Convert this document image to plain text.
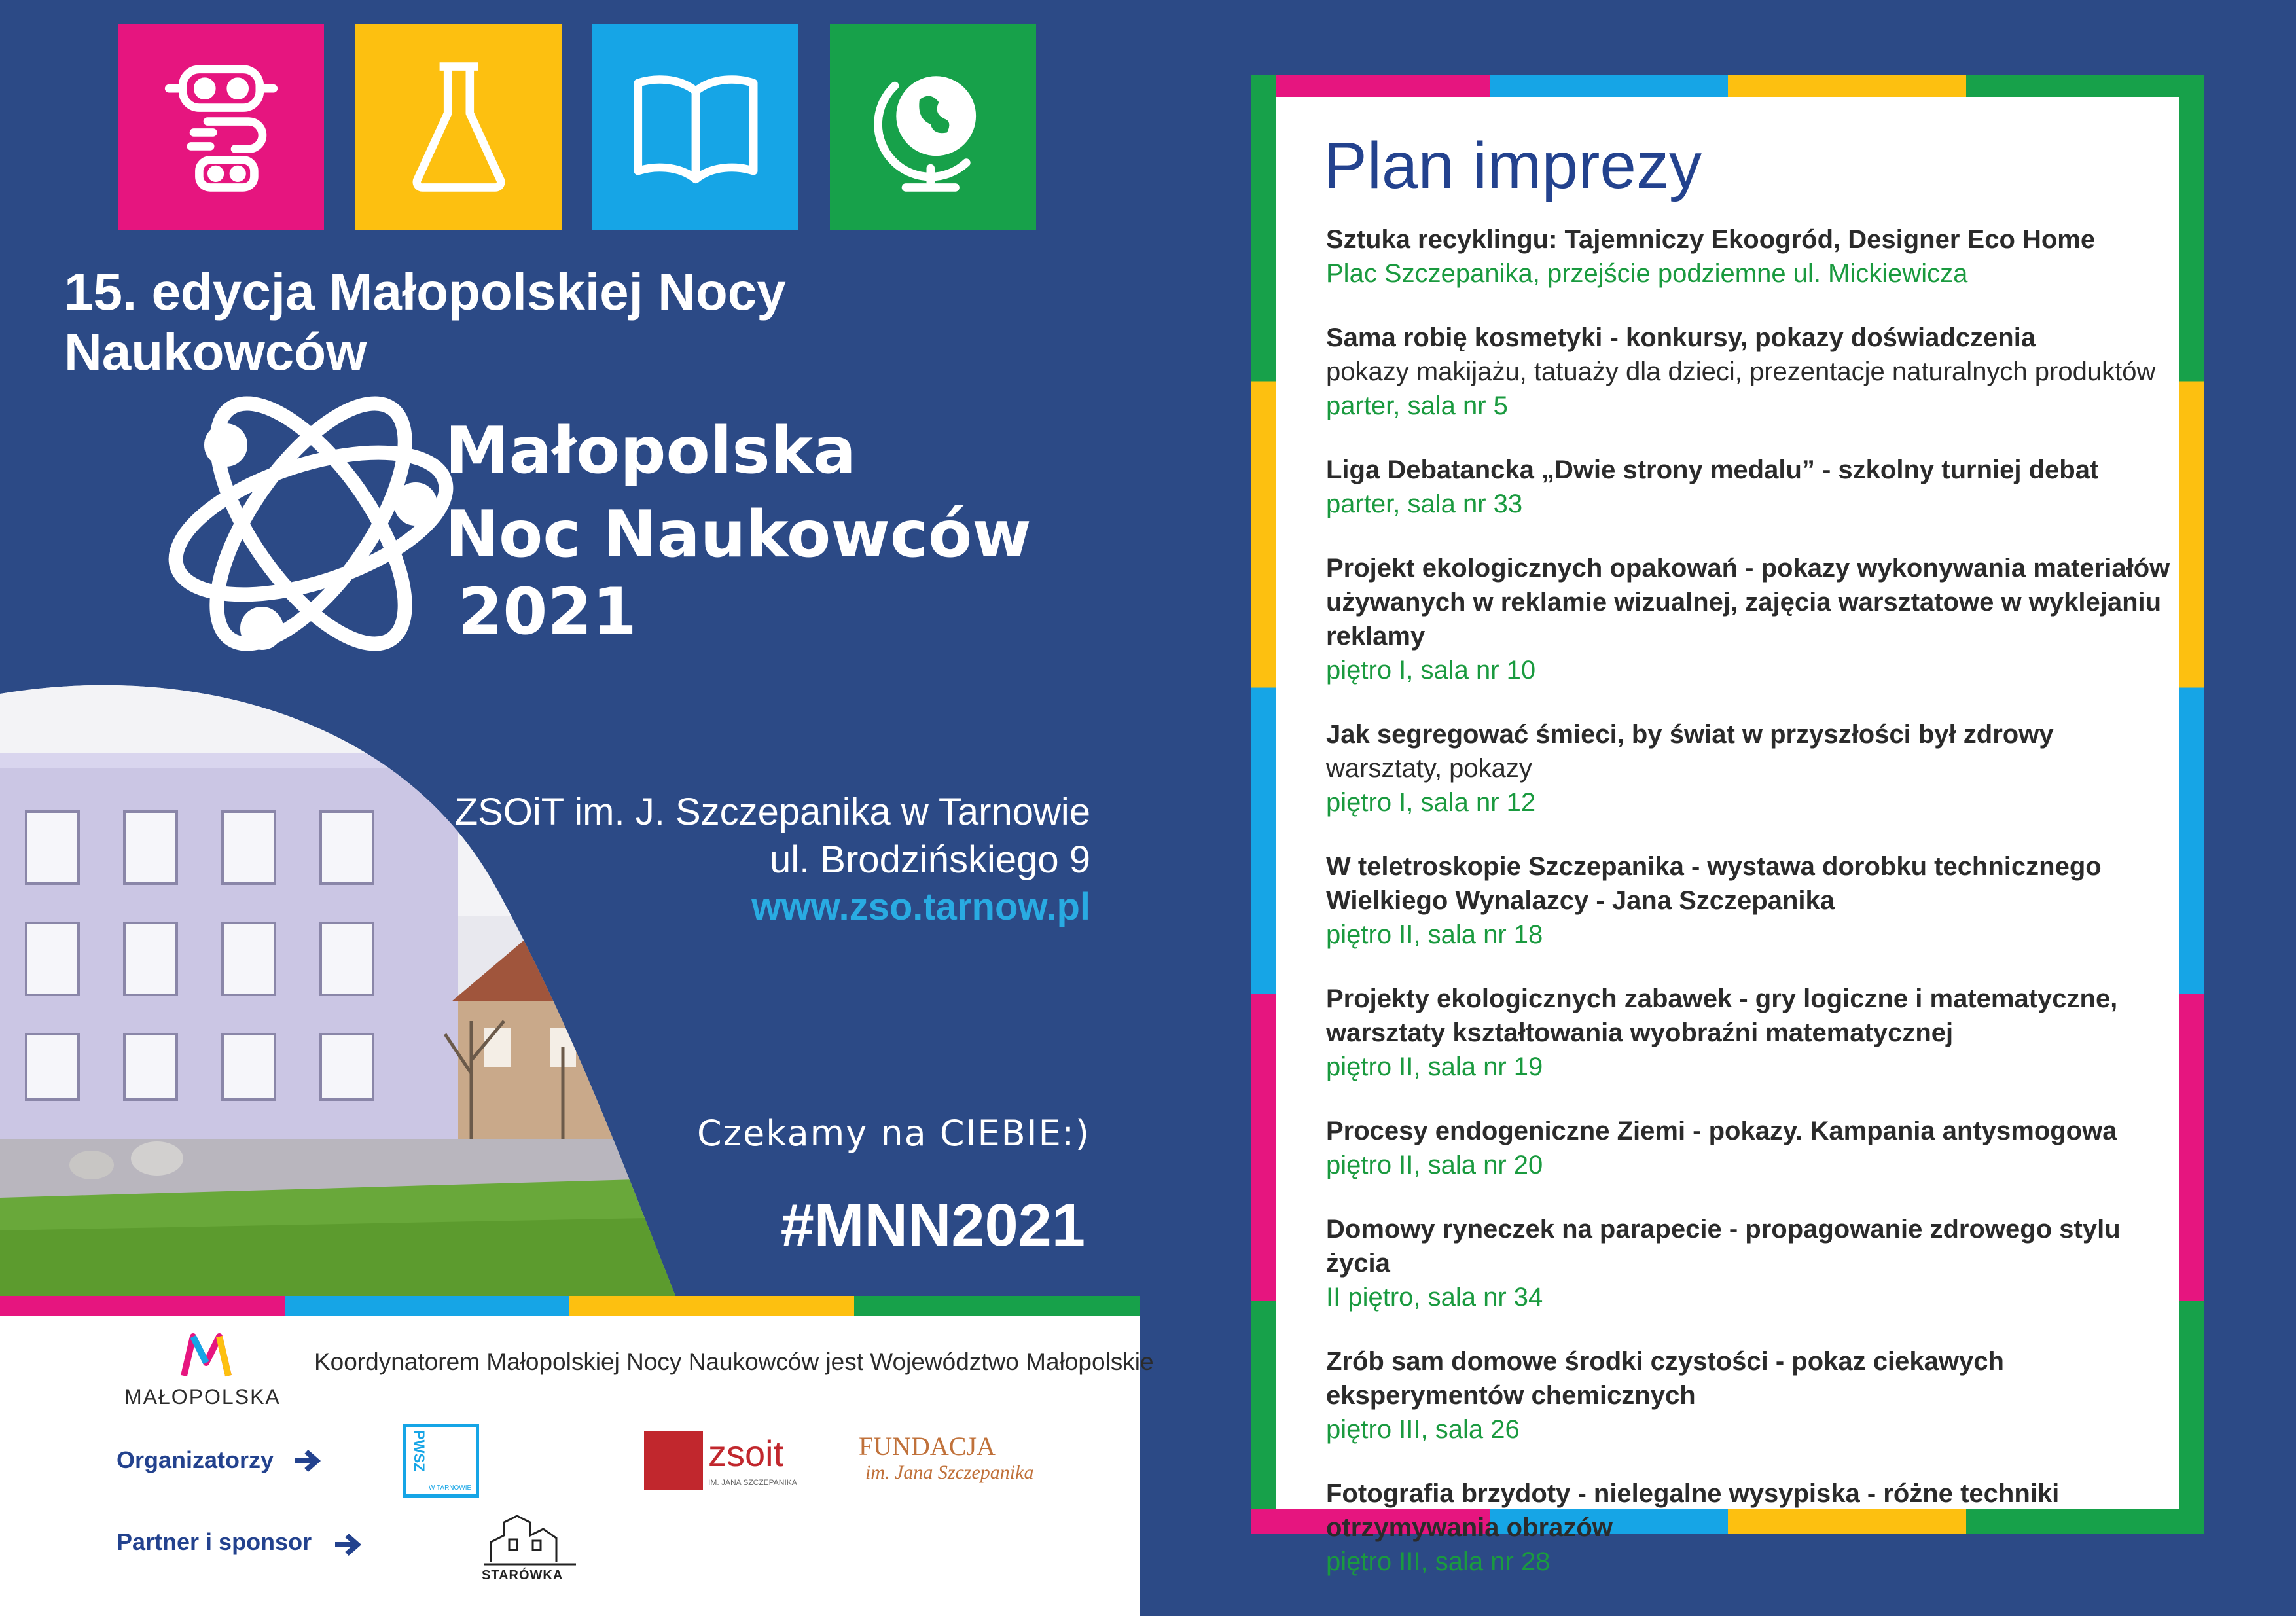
15. edycja Małopolskiej Nocy Naukowców
Małopolska
Noc Naukowców
2021
ZSOiT im. J. Szczepanika w Tarnowie
ul. Brodzińskiego 9
www.zso.tarnow.pl
Czekamy na CIEBIE:)
#MNN2021
MAŁOPOLSKA
Koordynatorem Małopolskiej Nocy Naukowców jest Województwo Małopolskie
Organizatorzy
Partner i sponsor
PWSZ
W TARNOWIE
zsoit
IM. JANA SZCZEPANIKA
FUNDACJA
im. Jana Szczepanika
STARÓWKA
Plan imprezy
Sztuka recyklingu: Tajemniczy Ekoogród, Designer Eco Home
Plac Szczepanika, przejście podziemne ul. Mickiewicza
Sama robię kosmetyki - konkursy, pokazy doświadczenia
pokazy makijażu, tatuaży dla dzieci, prezentacje naturalnych produktów
parter, sala nr 5
Liga Debatancka „Dwie strony medalu” - szkolny turniej debat
parter, sala nr 33
Projekt ekologicznych opakowań - pokazy wykonywania materiałów używanych w reklamie wizualnej, zajęcia warsztatowe w wyklejaniu reklamy
piętro I, sala nr 10
Jak segregować śmieci, by świat w przyszłości był zdrowy
warsztaty, pokazy
piętro I, sala nr 12
W teletroskopie Szczepanika - wystawa dorobku technicznego Wielkiego Wynalazcy - Jana Szczepanika
piętro II, sala nr 18
Projekty ekologicznych zabawek - gry logiczne i matematyczne, warsztaty kształtowania wyobraźni matematycznej
piętro II, sala nr 19
Procesy endogeniczne Ziemi - pokazy. Kampania antysmogowa
piętro II, sala nr 20
Domowy ryneczek na parapecie - propagowanie zdrowego stylu życia
II piętro, sala nr 34
Zrób sam domowe środki czystości - pokaz ciekawych eksperymentów chemicznych
piętro III, sala 26
Fotografia brzydoty - nielegalne wysypiska - różne techniki otrzymywania obrazów
piętro III, sala nr 28
